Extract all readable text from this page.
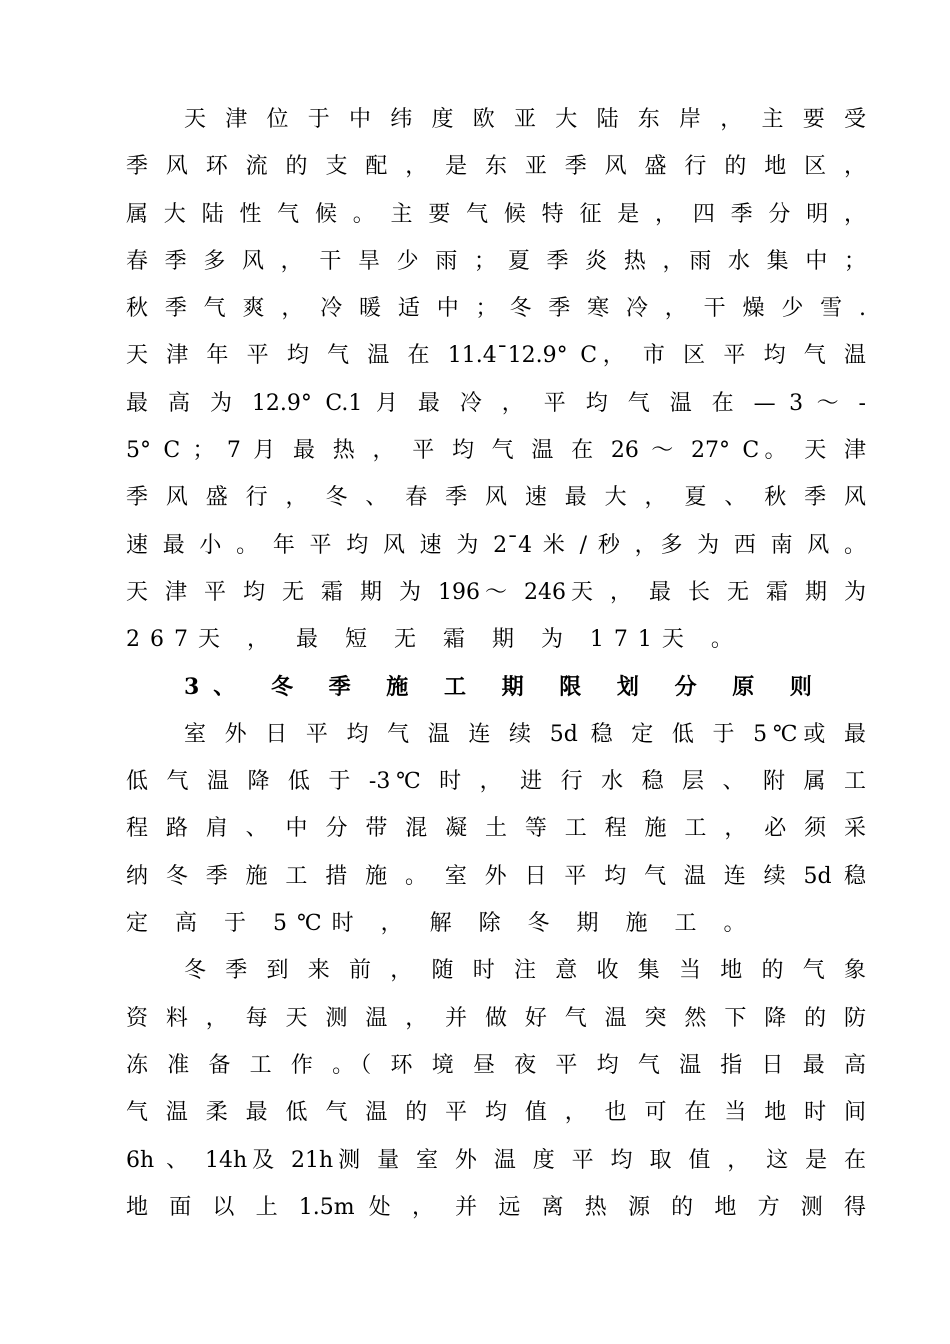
天 津 位 于 中 纬 度 欧 亚 大 陆 东 岸 ， 主 要 受
季 风 环 流 的 支 配 ， 是 东 亚 季 风 盛 行 的 地 区 ，
属 大 陆 性 气 候 。 主 要 气 候 特 征 是 ， 四 季 分 明 ，
春 季 多 风 ， 干 旱 少 雨 ； 夏 季 炎 热 ，雨 水 集 中 ；
秋 季 气 爽 ， 冷 暖 适 中 ； 冬 季 寒 冷 ， 干 燥 少 雪 .
天 津 年 平 均 气 温 在 11.4¯12.9° C， 市 区 平 均 气 温
最 高 为 12.9° C.1 月 最 冷 ， 平 均 气 温 在 — 3 ～ -
5° C ； 7 月 最 热 ， 平 均 气 温 在 26 ～ 27° C。 天 津
季 风 盛 行 ， 冬 、 春 季 风 速 最 大 ， 夏 、 秋 季 风
速 最 小 。 年 平 均 风 速 为 2¯4 米 / 秒 ，多 为 西 南 风 。
天 津 平 均 无 霜 期 为 196～ 246天 ， 最 长 无 霜 期 为
267天 ， 最 短 无 霜 期 为 171天 。
3、 冬 季 施 工 期 限 划 分 原 则
室 外 日 平 均 气 温 连 续 5d 稳 定 低 于 5℃或 最
低 气 温 降 低 于 -3℃ 时 ， 进 行 水 稳 层 、 附 属 工
程 路 肩 、 中 分 带 混 凝 土 等 工 程 施 工 ， 必 须 采
纳 冬 季 施 工 措 施 。 室 外 日 平 均 气 温 连 续 5d 稳
定 高 于 5℃时 ， 解 除 冬 期 施 工 。
冬 季 到 来 前 ， 随 时 注 意 收 集 当 地 的 气 象
资 料 ， 每 天 测 温 ， 并 做 好 气 温 突 然 下 降 的 防
冻 准 备 工 作 。（ 环 境 昼 夜 平 均 气 温 指 日 最 高
气 温 柔 最 低 气 温 的 平 均 值 ， 也 可 在 当 地 时 间
6h 、 14h及 21h测 量 室 外 温 度 平 均 取 值 ， 这 是 在
地 面 以 上 1.5m 处 ， 并 远 离 热 源 的 地 方 测 得
